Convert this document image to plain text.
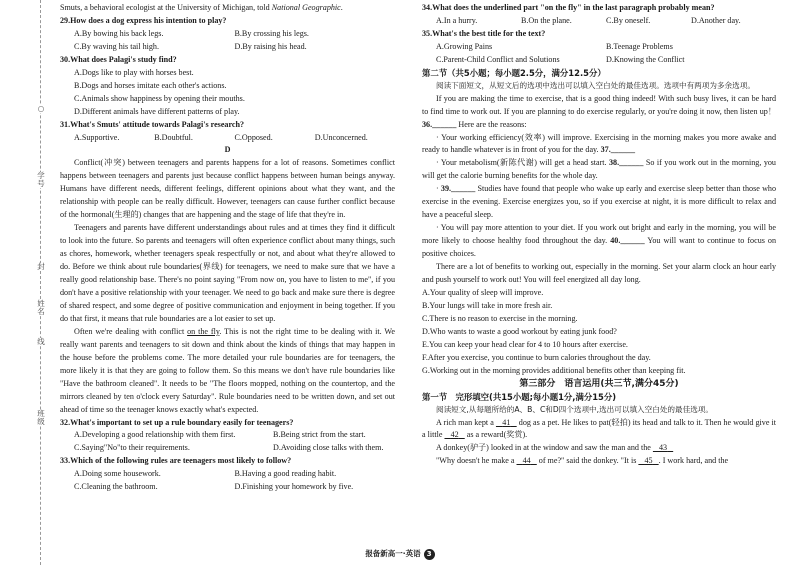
○
学号
封
姓名
线
班级

Smuts, a behavioral ecologist at the University of Michigan, told National Geographic.

29.How does a dog express his intention to play?

A.By bowing his back legs.	B.By crossing his legs.
C.By waving his tail high.	D.By raising his head.

30.What does Palagi's study find?

A.Dogs like to play with horses best.

B.Dogs and horses imitate each other's actions.

C.Animals show happiness by opening their mouths.

D.Different animals have different patterns of play.

31.What's Smuts' attitude towards Palagi's research?

A.Supportive.	B.Doubtful.	C.Opposed.	D.Unconcerned.

D

Conflict(冲突) between teenagers and parents happens for a lot of reasons. Sometimes conflict happens between teenagers and parents just because conflict happens between human beings anyway. Humans have different needs, different feelings, different opinions about what they want, and the relationship with people can be really difficult. However, teenagers can cause further conflict because of the hormonal(生理的) changes that are happening and the stage of life that they're in.

Teenagers and parents have different understandings about rules and at times they find it difficult to look into the future. So parents and teenagers will often experience conflict about many things, such as chores, homework, whether teenagers speak respectfully or not, and about what they're allowed to do. Before we think about rule boundaries(界线) for teenagers, we need to make sure that we have a really good relationship base. There's no point saying "From now on, you have to listen to me", if you don't have a positive relationship with your teenager. We need to go back and make sure there is degree of shared respect, and some degree of positive communication and enjoyment in being together. If you do that first, it means that rule boundaries are a lot easier to set up.

Often we're dealing with conflict on the fly. This is not the right time to be dealing with it. We really want parents and teenagers to sit down and think about the kinds of things that may happen in the house before the problems come. The more detailed your rule boundaries are for teenagers, the more likely it is that they are going to follow them. So this means we don't have rule boundaries like "Have the bathroom cleaned". It needs to be "The floors mopped, nothing on the countertop, and the mirrors cleaned by ten o'clock every Saturday". Rule boundaries need to be written down, and set out ahead of time so the teenager knows exactly what's expected.

32.What's important to set up a rule boundary easily for teenagers?

A.Developing a good relationship with them first.	B.Being strict from the start.
C.Saying"No"to their requirements.	D.Avoiding close talks with them.

33.Which of the following rules are teenagers most likely to follow?

A.Doing some housework.	B.Having a good reading habit.
C.Cleaning the bathroom.	D.Finishing your homework by five.

34.What does the underlined part "on the fly" in the last paragraph probably mean?

A.In a hurry.	B.On the plane.	C.By oneself.	D.Another day.

35.What's the best title for the text?

A.Growing Pains	B.Teenage Problems
C.Parent-Child Conflict and Solutions	D.Knowing the Conflict

第二节（共5小题；每小题2.5分，满分12.5分）

阅读下面短文，从短文后的选项中选出可以填入空白处的最佳选项。选项中有两项为多余选项。

If you are making the time to exercise, that is a good thing indeed! With such busy lives, it can be hard to find time to work out. If you are planning to do exercise regularly, or you're doing it now, then listen up！36.______ Here are the reasons:

· Your working efficiency(效率) will improve. Exercising in the morning makes you more awake and ready to handle whatever is in front of you for the day. 37.______

· Your metabolism(新陈代谢) will get a head start. 38.______ So if you work out in the morning, you will get the calorie burning benefits for the whole day.

· 39.______ Studies have found that people who wake up early and exercise sleep better than those who exercise in the evening. Exercise energizes you, so if you exercise at night, it is more difficult to relax and have a peaceful sleep.

· You will pay more attention to your diet. If you work out bright and early in the morning, you will be more likely to choose healthy food throughout the day. 40.______ You will want to continue to focus on positive choices.

There are a lot of benefits to working out, especially in the morning. Set your alarm clock an hour early and push yourself to work out! You will feel energized all day long.

A.Your quality of sleep will improve.

B.Your lungs will take in more fresh air.

C.There is no reason to exercise in the morning.

D.Who wants to waste a good workout by eating junk food?

E.You can keep your head clear for 4 to 10 hours after exercise.

F.After you exercise, you continue to burn calories throughout the day.

G.Working out in the morning provides additional benefits other than keeping fit.

第三部分　语言运用(共三节,满分45分)

第一节　完形填空(共15小题;每小题1分,满分15分)

阅读短文,从每题所给的A、B、C和D四个选项中,选出可以填入空白处的最佳选项。

A rich man kept a    41    dog as a pet. He likes to pat(轻拍) its head and talk to it. Then he would give it a little    42    as a reward(奖赏).

A donkey(驴子) looked in at the window and saw the man and the    43

"Why doesn't he make a    44    of me?" said the donkey. "It is    45 . I work hard, and the

报备新高一·英语 3
